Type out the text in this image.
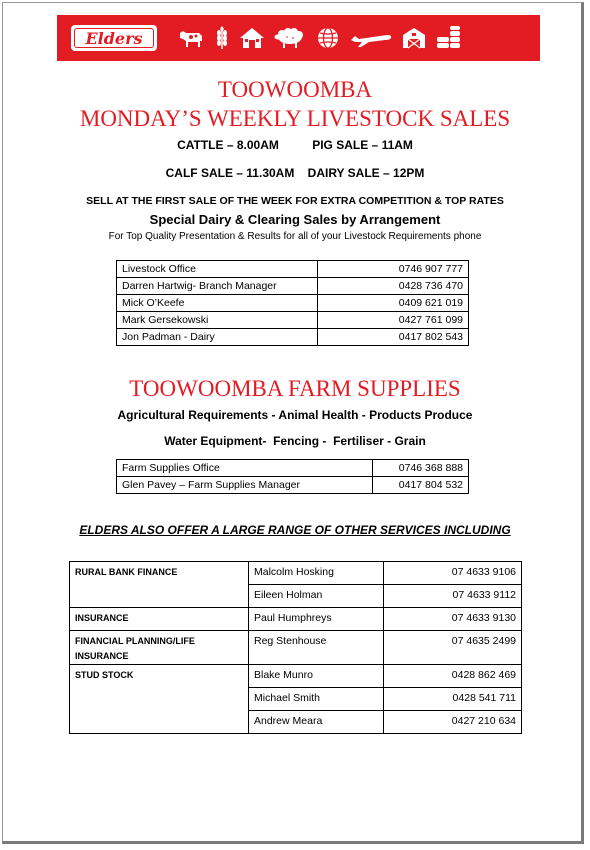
Elders
TOOWOOMBA
MONDAY’S WEEKLY LIVESTOCK SALES
CATTLE – 8.00AM          PIG SALE – 11AM
CALF SALE – 11.30AM    DAIRY SALE – 12PM
SELL AT THE FIRST SALE OF THE WEEK FOR EXTRA COMPETITION & TOP RATES
Special Dairy & Clearing Sales by Arrangement
For Top Quality Presentation & Results for all of your Livestock Requirements phone
Livestock Office	0746 907 777
Darren Hartwig- Branch Manager	0428 736 470
Mick O’Keefe	0409 621 019
Mark Gersekowski	0427 761 099
Jon Padman - Dairy	0417 802 543
TOOWOOMBA FARM SUPPLIES
Agricultural Requirements - Animal Health - Products Produce
Water Equipment-  Fencing -  Fertiliser - Grain
Farm Supplies Office	0746 368 888
Glen Pavey – Farm Supplies Manager	0417 804 532
ELDERS ALSO OFFER A LARGE RANGE OF OTHER SERVICES INCLUDING
RURAL BANK FINANCE	Malcolm Hosking	07 4633 9106
	Eileen Holman	07 4633 9112
INSURANCE	Paul Humphreys	07 4633 9130
FINANCIAL PLANNING/LIFE INSURANCE	Reg Stenhouse	07 4635 2499
STUD STOCK	Blake Munro	0428 862 469
	Michael Smith	0428 541 711
	Andrew Meara	0427 210 634
